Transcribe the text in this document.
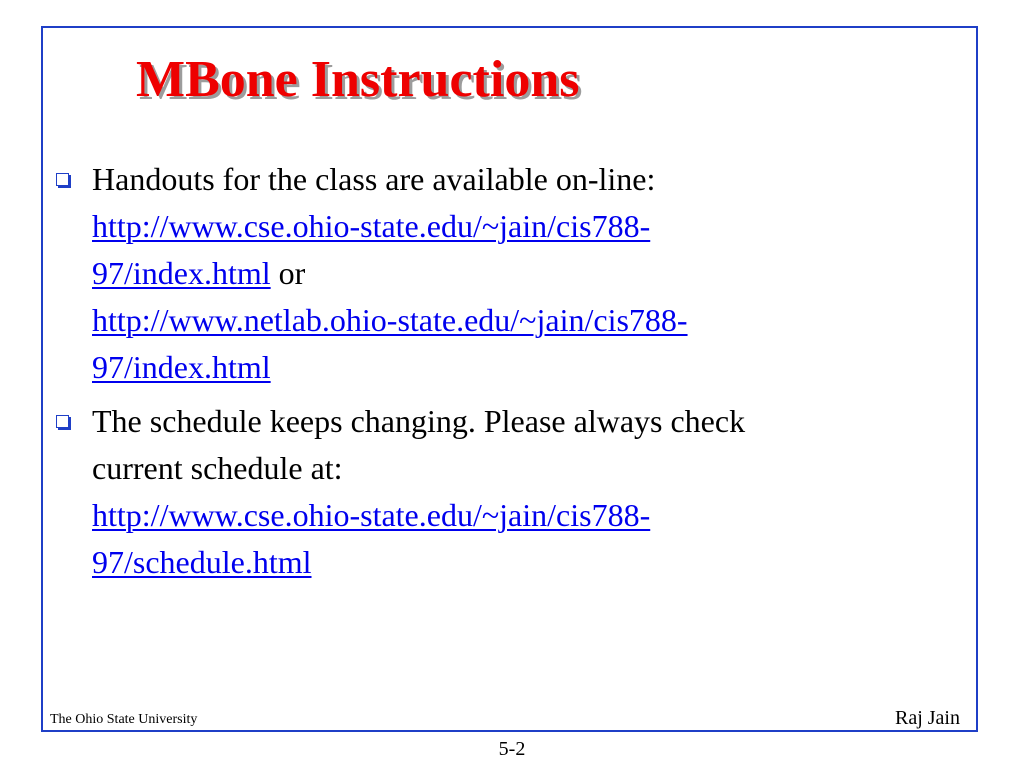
MBone Instructions
Handouts for the class are available on-line:
http://www.cse.ohio-state.edu/~jain/cis788-
97/index.html or
http://www.netlab.ohio-state.edu/~jain/cis788-
97/index.html
The schedule keeps changing. Please always check
current schedule at:
http://www.cse.ohio-state.edu/~jain/cis788-
97/schedule.html
The Ohio State University	Raj Jain
5-2
